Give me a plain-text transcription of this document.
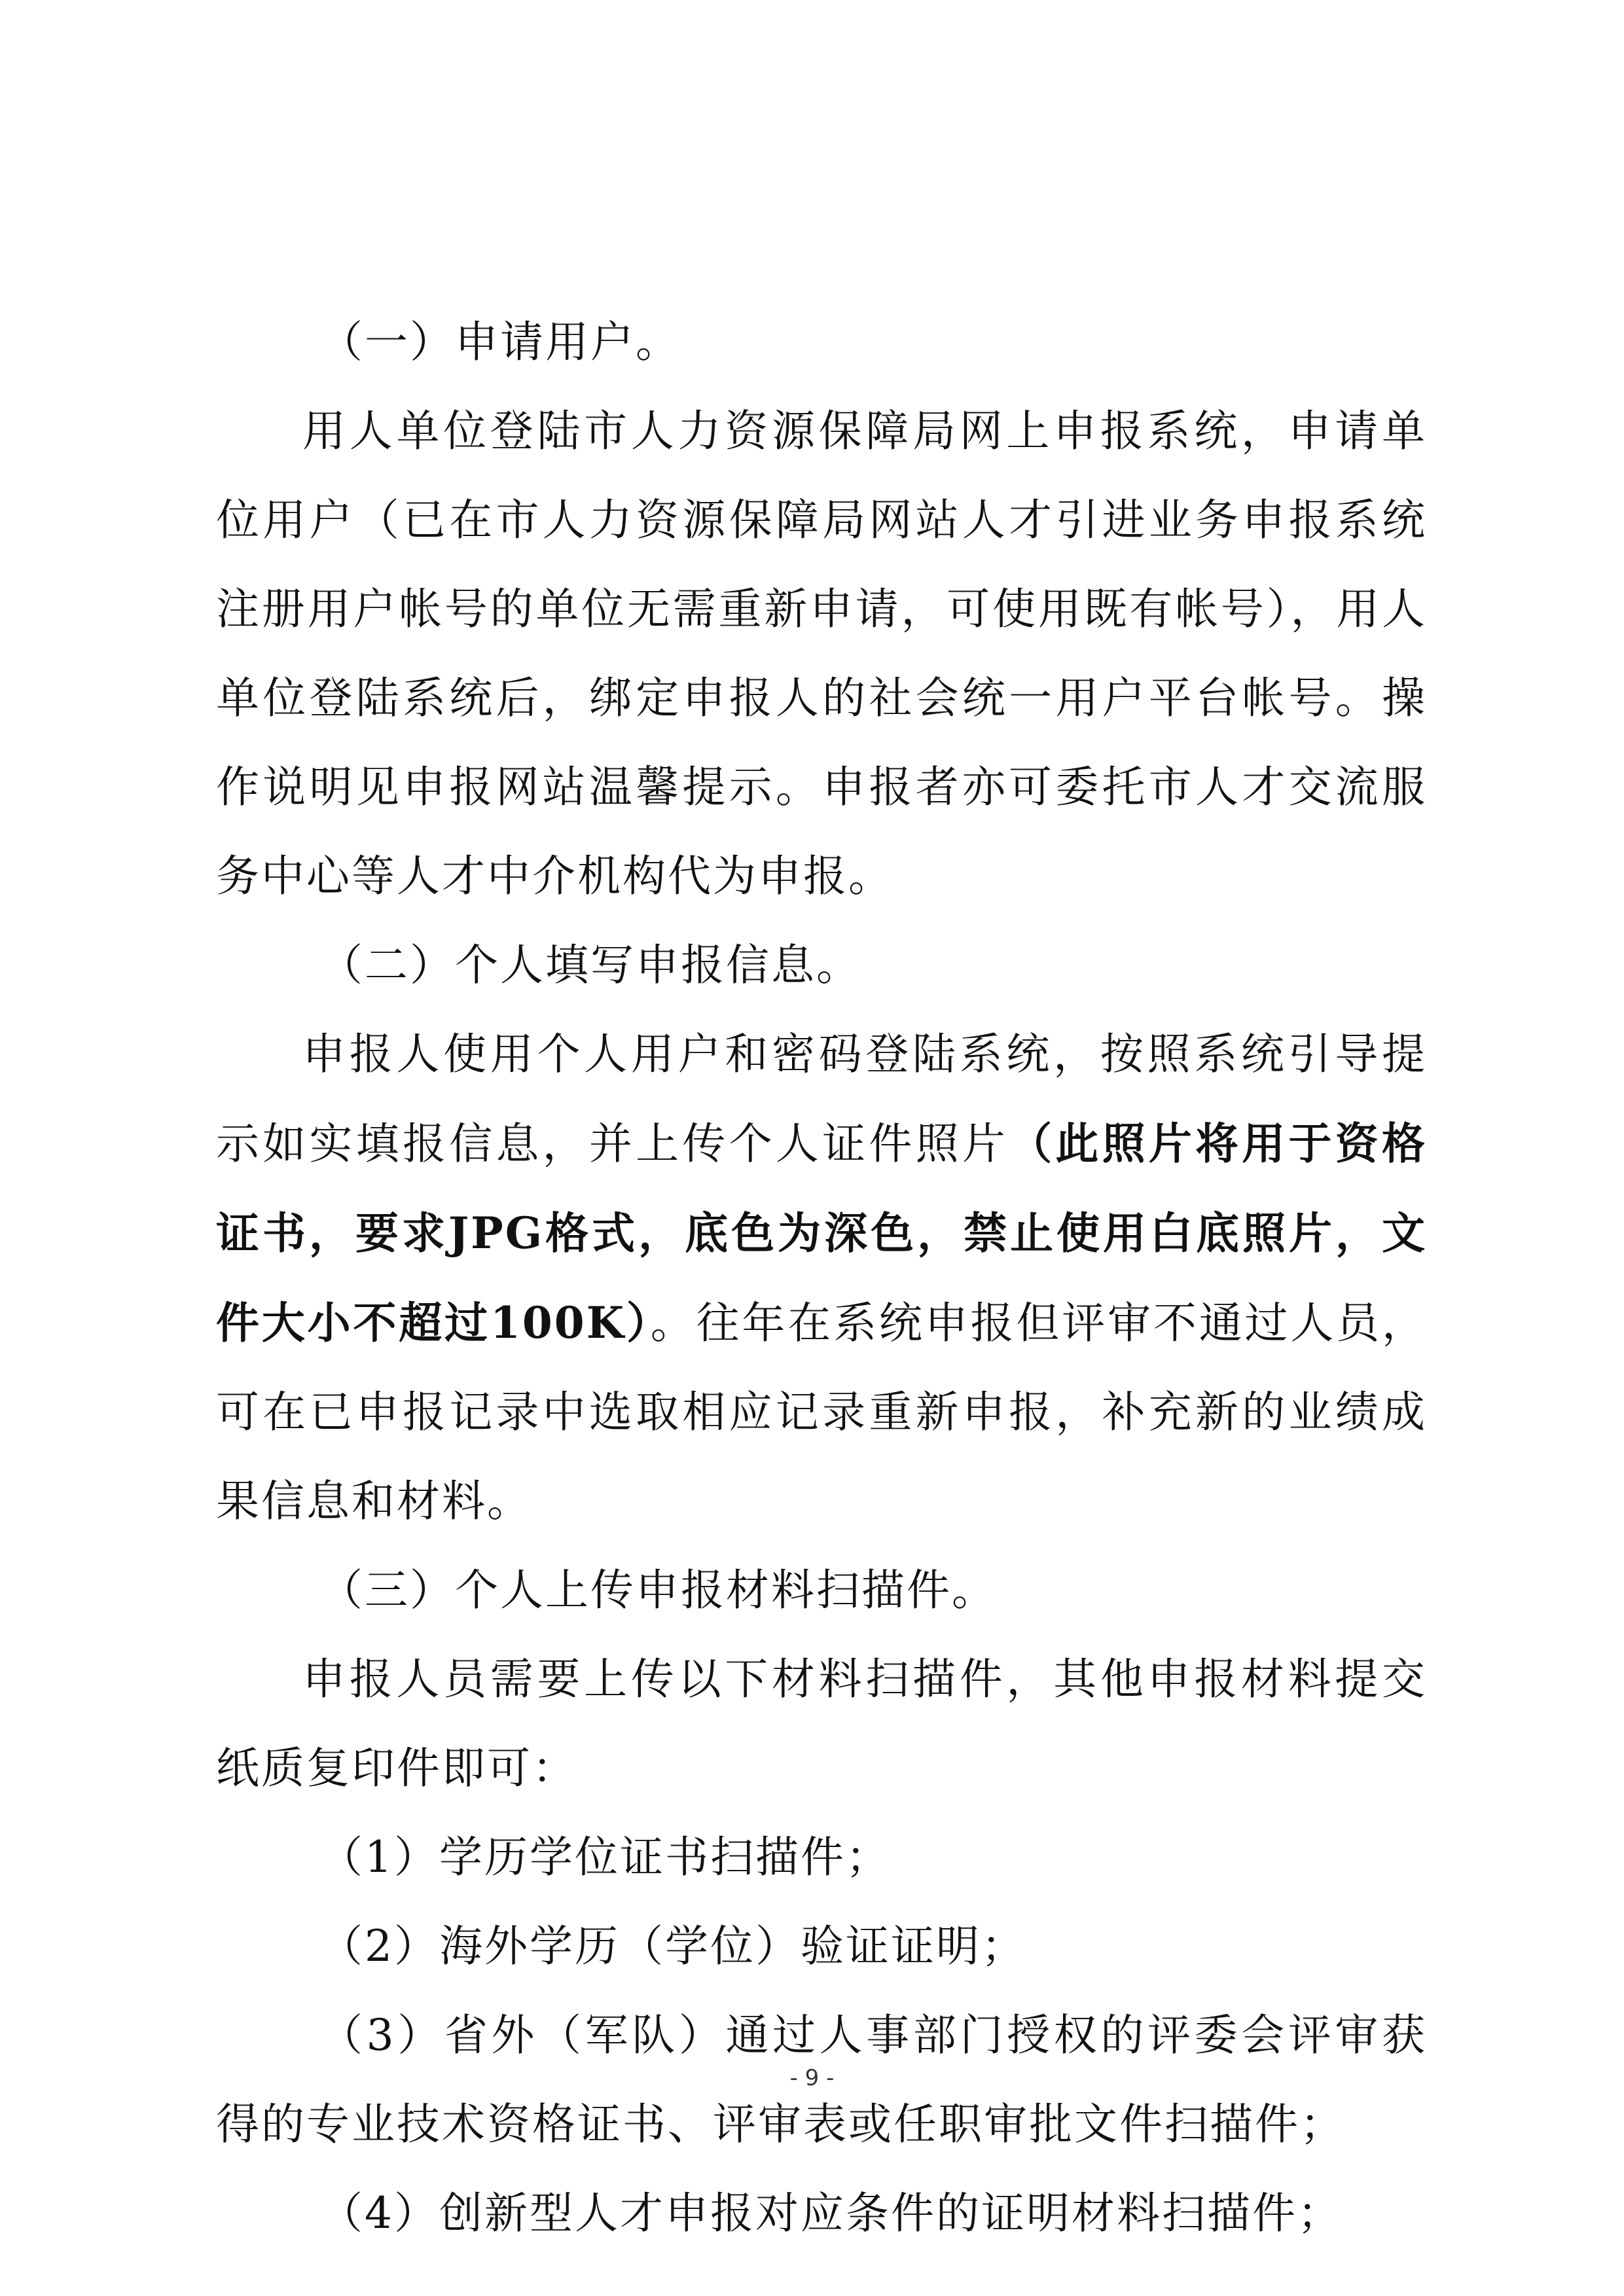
（一）申请用户。

用人单位登陆市人力资源保障局网上申报系统，申请单位用户（已在市人力资源保障局网站人才引进业务申报系统注册用户帐号的单位无需重新申请，可使用既有帐号），用人单位登陆系统后，绑定申报人的社会统一用户平台帐号。操作说明见申报网站温馨提示。申报者亦可委托市人才交流服务中心等人才中介机构代为申报。

（二）个人填写申报信息。

申报人使用个人用户和密码登陆系统，按照系统引导提示如实填报信息，并上传个人证件照片（此照片将用于资格证书，要求JPG格式，底色为深色，禁止使用白底照片，文件大小不超过100K）。往年在系统申报但评审不通过人员，可在已申报记录中选取相应记录重新申报，补充新的业绩成果信息和材料。

（三）个人上传申报材料扫描件。

申报人员需要上传以下材料扫描件，其他申报材料提交纸质复印件即可：

（1）学历学位证书扫描件；

（2）海外学历（学位）验证证明；

（3）省外（军队）通过人事部门授权的评委会评审获得的专业技术资格证书、评审表或任职审批文件扫描件；

（4）创新型人才申报对应条件的证明材料扫描件；

- 9 -
